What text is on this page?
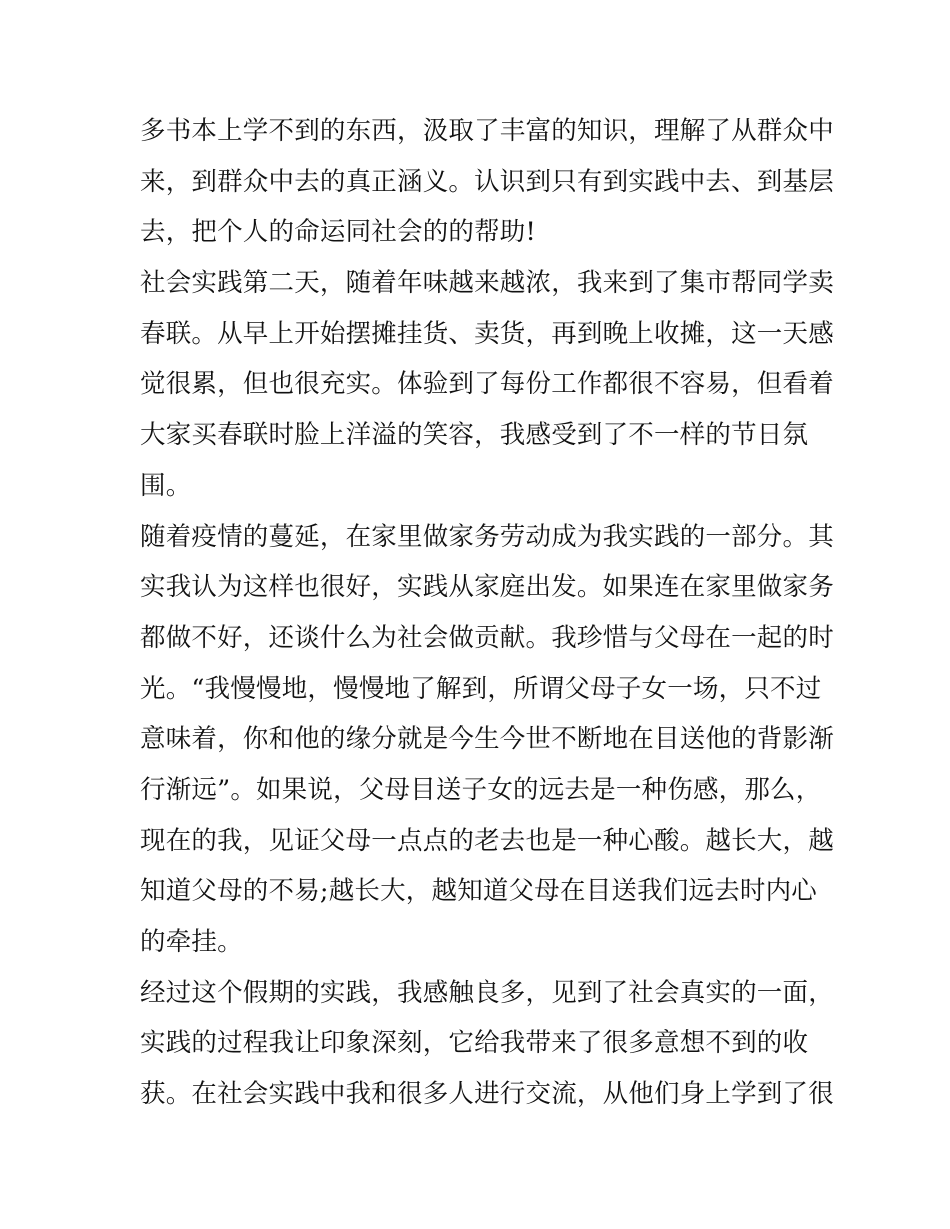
多书本上学不到的东西，汲取了丰富的知识，理解了从群众中
来，到群众中去的真正涵义。认识到只有到实践中去、到基层
去，把个人的命运同社会的的帮助!
社会实践第二天，随着年味越来越浓，我来到了集市帮同学卖
春联。从早上开始摆摊挂货、卖货，再到晚上收摊，这一天感
觉很累，但也很充实。体验到了每份工作都很不容易，但看着
大家买春联时脸上洋溢的笑容，我感受到了不一样的节日氛
围。
随着疫情的蔓延，在家里做家务劳动成为我实践的一部分。其
实我认为这样也很好，实践从家庭出发。如果连在家里做家务
都做不好，还谈什么为社会做贡献。我珍惜与父母在一起的时
光。“我慢慢地，慢慢地了解到，所谓父母子女一场，只不过
意味着，你和他的缘分就是今生今世不断地在目送他的背影渐
行渐远”。如果说，父母目送子女的远去是一种伤感，那么，
现在的我，见证父母一点点的老去也是一种心酸。越长大，越
知道父母的不易;越长大，越知道父母在目送我们远去时内心
的牵挂。
经过这个假期的实践，我感触良多，见到了社会真实的一面，
实践的过程我让印象深刻，它给我带来了很多意想不到的收
获。在社会实践中我和很多人进行交流，从他们身上学到了很
